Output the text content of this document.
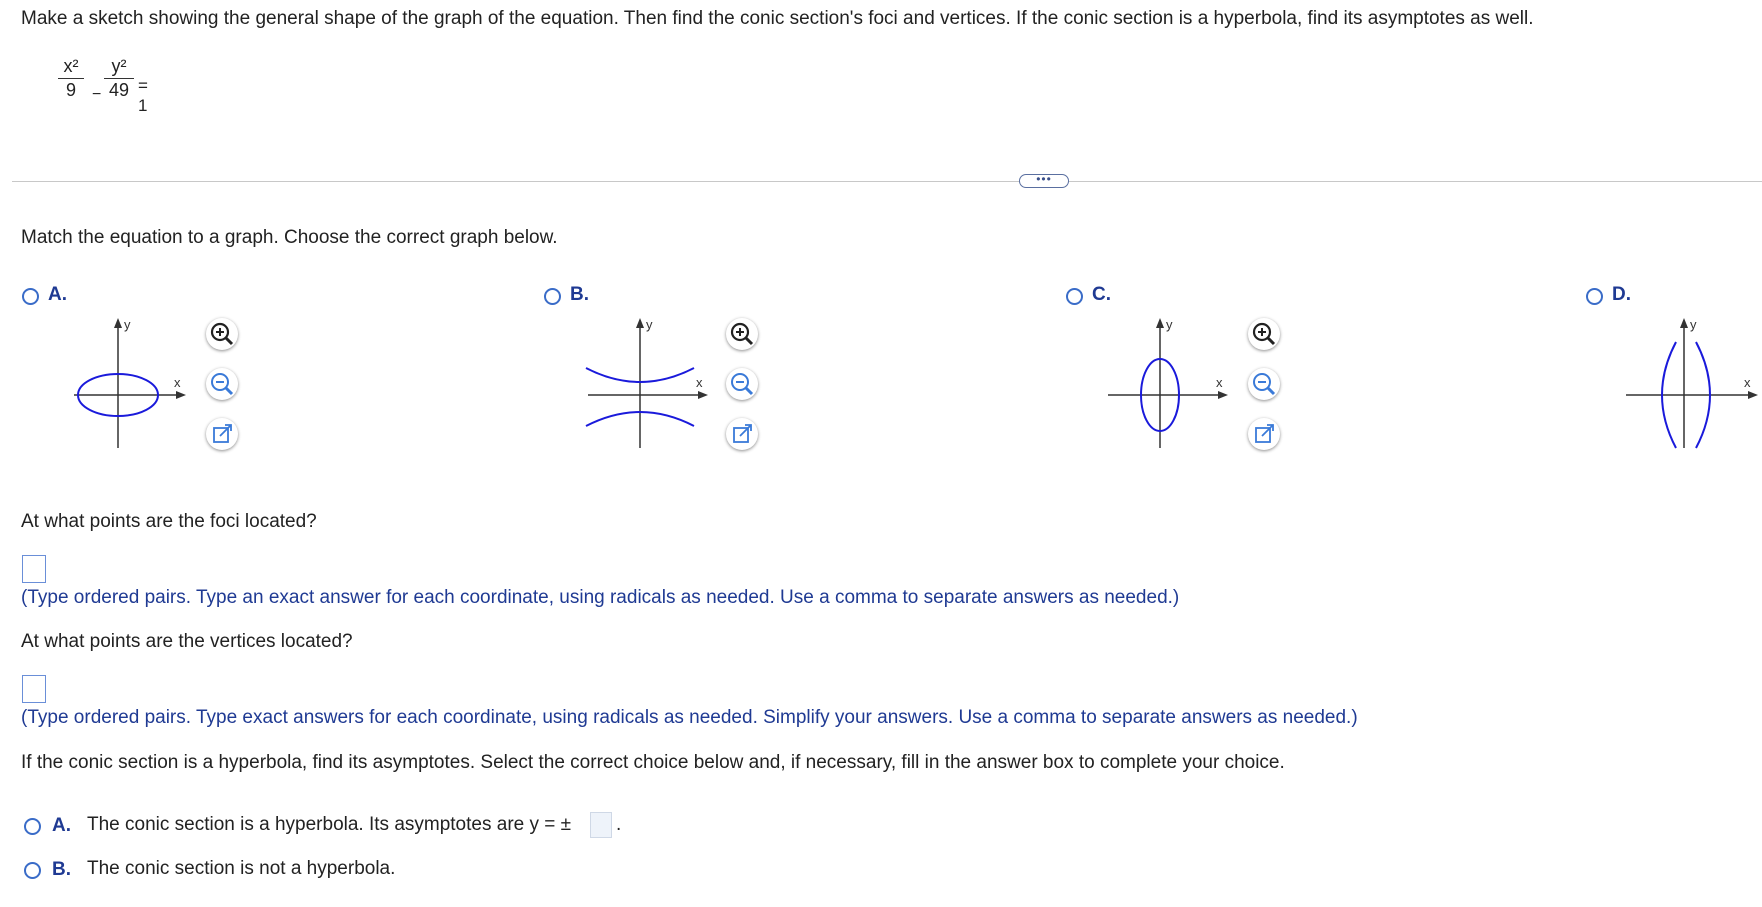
Make a sketch showing the general shape of the graph of the equation. Then find the conic section's foci and vertices. If the conic section is a hyperbola, find its asymptotes as well.
x²
9	−
y²
49 = 1
•••
Match the equation to a graph. Choose the correct graph below.
A.
y
x
B.
y
x
C.
y
x
D.
y
x
At what points are the foci located?
(Type ordered pairs. Type an exact answer for each coordinate, using radicals as needed. Use a comma to separate answers as needed.)
At what points are the vertices located?
(Type ordered pairs. Type exact answers for each coordinate, using radicals as needed. Simplify your answers. Use a comma to separate answers as needed.)
If the conic section is a hyperbola, find its asymptotes. Select the correct choice below and, if necessary, fill in the answer box to complete your choice.
A. The conic section is a hyperbola. Its asymptotes are y = ± .
B. The conic section is not a hyperbola.
